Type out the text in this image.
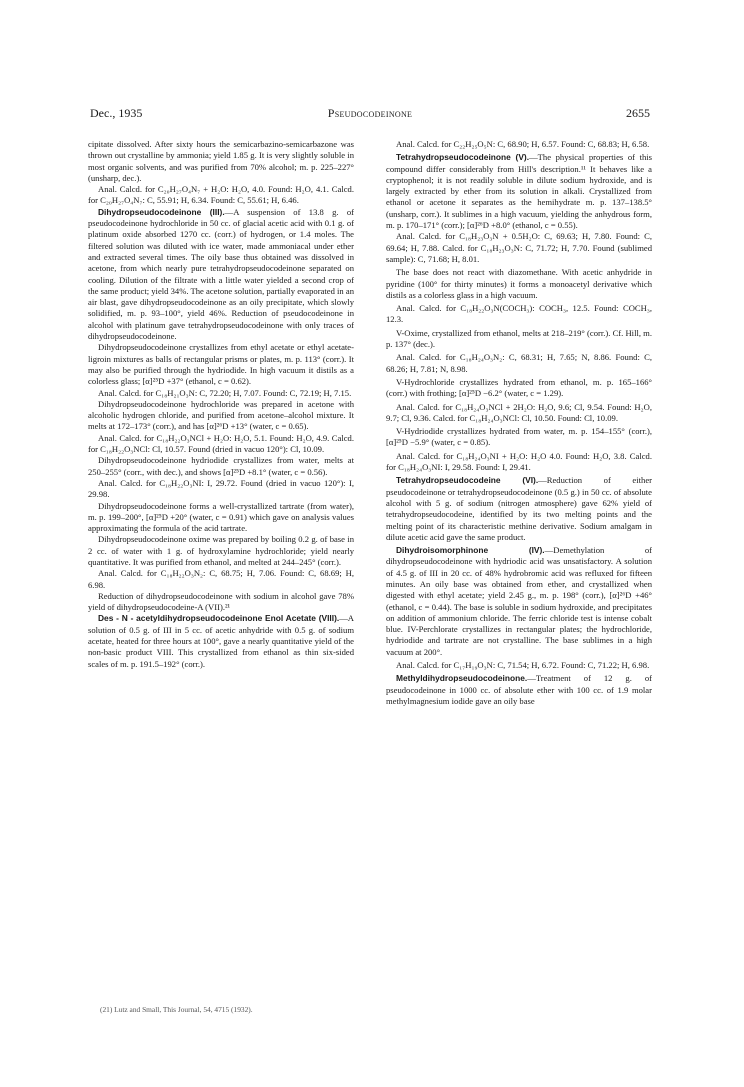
Dec., 1935	Pseudocodeinone	2655

cipitate dissolved. After sixty hours the semicarbazino-semicarbazone was thrown out crystalline by ammonia; yield 1.85 g. It is very slightly soluble in most organic solvents, and was purified from 70% alcohol; m. p. 225–227° (unsharp, dec.).

Anal. Calcd. for C₂₀H₂₇O₄N₇ + H₂O: H₂O, 4.0. Found: H₂O, 4.1. Calcd. for C₂₀H₂₇O₄N₇: C, 55.91; H, 6.34. Found: C, 55.61; H, 6.46.

Dihydropseudocodeinone (III).—A suspension of 13.8 g. of pseudocodeinone hydrochloride in 50 cc. of glacial acetic acid with 0.1 g. of platinum oxide absorbed 1270 cc. (corr.) of hydrogen, or 1.4 moles. The filtered solution was diluted with ice water, made ammoniacal under ether and extracted several times. The oily base thus obtained was dissolved in acetone, from which nearly pure tetrahydropseudocodeinone separated on cooling. Dilution of the filtrate with a little water yielded a second crop of the same product; yield 34%. The acetone solution, partially evaporated in an air blast, gave dihydropseudocodeinone as an oily precipitate, which slowly solidified, m. p. 93–100°, yield 46%. Reduction of pseudocodeinone in alcohol with platinum gave tetrahydropseudocodeinone with only traces of dihydropseudocodeinone.

Dihydropseudocodeinone crystallizes from ethyl acetate or ethyl acetate-ligroin mixtures as balls of rectangular prisms or plates, m. p. 113° (corr.). It may also be purified through the hydriodide. In high vacuum it distils as a colorless glass; [α]²⁵D +37° (ethanol, c = 0.62).

Anal. Calcd. for C₁₈H₂₁O₃N: C, 72.20; H, 7.07. Found: C, 72.19; H, 7.15.

Dihydropseudocodeinone hydrochloride was prepared in acetone with alcoholic hydrogen chloride, and purified from acetone–alcohol mixture. It melts at 172–173° (corr.), and has [α]²⁶D +13° (water, c = 0.65).

Anal. Calcd. for C₁₈H₂₂O₃NCl + H₂O: H₂O, 5.1. Found: H₂O, 4.9. Calcd. for C₁₈H₂₂O₃NCl: Cl, 10.57. Found (dried in vacuo 120°): Cl, 10.09.

Dihydropseudocodeinone hydriodide crystallizes from water, melts at 250–255° (corr., with dec.), and shows [α]²⁵D +8.1° (water, c = 0.56).

Anal. Calcd. for C₁₈H₂₂O₃NI: I, 29.72. Found (dried in vacuo 120°): I, 29.98.

Dihydropseudocodeinone forms a well-crystallized tartrate (from water), m. p. 199–200°, [α]²⁵D +20° (water, c = 0.91) which gave on analysis values approximating the formula of the acid tartrate.

Dihydropseudocodeinone oxime was prepared by boiling 0.2 g. of base in 2 cc. of water with 1 g. of hydroxylamine hydrochloride; yield nearly quantitative. It was purified from ethanol, and melted at 244–245° (corr.).

Anal. Calcd. for C₁₈H₂₂O₃N₂: C, 68.75; H, 7.06. Found: C, 68.69; H, 6.98.

Reduction of dihydropseudocodeinone with sodium in alcohol gave 78% yield of dihydropseudocodeine-A (VII).²¹

Des - N - acetyldihydropseudocodeinone Enol Acetate (VIII).—A solution of 0.5 g. of III in 5 cc. of acetic anhydride with 0.5 g. of sodium acetate, heated for three hours at 100°, gave a nearly quantitative yield of the non-basic product VIII. This crystallized from ethanol as thin six-sided scales of m. p. 191.5–192° (corr.).

Anal. Calcd. for C₂₂H₂₅O₅N: C, 68.90; H, 6.57. Found: C, 68.83; H, 6.58.

Tetrahydropseudocodeinone (V).—The physical properties of this compound differ considerably from Hill's description.¹¹ It behaves like a cryptophenol; it is not readily soluble in dilute sodium hydroxide, and is largely extracted by ether from its solution in alkali. Crystallized from ethanol or acetone it separates as the hemihydrate m. p. 137–138.5° (unsharp, corr.). It sublimes in a high vacuum, yielding the anhydrous form, m. p. 170–171° (corr.); [α]²⁶D +8.0° (ethanol, c = 0.55).

Anal. Calcd. for C₁₈H₂₃O₃N + 0.5H₂O: C, 69.63; H, 7.80. Found: C, 69.64; H, 7.88. Calcd. for C₁₈H₂₃O₃N: C, 71.72; H, 7.70. Found (sublimed sample): C, 71.68; H, 8.01.

The base does not react with diazomethane. With acetic anhydride in pyridine (100° for thirty minutes) it forms a monoacetyl derivative which distils as a colorless glass in a high vacuum.

Anal. Calcd. for C₁₈H₂₂O₃N(COCH₃): COCH₃, 12.5. Found: COCH₃, 12.3.

V-Oxime, crystallized from ethanol, melts at 218–219° (corr.). Cf. Hill, m. p. 137° (dec.).

Anal. Calcd. for C₁₈H₂₄O₃N₂: C, 68.31; H, 7.65; N, 8.86. Found: C, 68.26; H, 7.81; N, 8.98.

V-Hydrochloride crystallizes hydrated from ethanol, m. p. 165–166° (corr.) with frothing; [α]²⁵D −6.2° (water, c = 1.29).

Anal. Calcd. for C₁₈H₂₄O₃NCl + 2H₂O: H₂O, 9.6; Cl, 9.54. Found: H₂O, 9.7; Cl, 9.36. Calcd. for C₁₈H₂₄O₃NCl: Cl, 10.50. Found: Cl, 10.09.

V-Hydriodide crystallizes hydrated from water, m. p. 154–155° (corr.), [α]²⁵D −5.9° (water, c = 0.85).

Anal. Calcd. for C₁₈H₂₄O₃NI + H₂O: H₂O 4.0. Found: H₂O, 3.8. Calcd. for C₁₈H₂₄O₃NI: I, 29.58. Found: I, 29.41.

Tetrahydropseudocodeine (VI).—Reduction of either pseudocodeinone or tetrahydropseudocodeinone (0.5 g.) in 50 cc. of absolute alcohol with 5 g. of sodium (nitrogen atmosphere) gave 62% yield of tetrahydropseudocodeine, identified by its two melting points and the melting point of its characteristic methine derivative. Sodium amalgam in dilute acetic acid gave the same product.

Dihydroisomorphinone (IV).—Demethylation of dihydropseudocodeinone with hydriodic acid was unsatisfactory. A solution of 4.5 g. of III in 20 cc. of 48% hydrobromic acid was refluxed for fifteen minutes. An oily base was obtained from ether, and crystallized when digested with ethyl acetate; yield 2.45 g., m. p. 198° (corr.), [α]²⁶D +46° (ethanol, c = 0.44). The base is soluble in sodium hydroxide, and precipitates on addition of ammonium chloride. The ferric chloride test is intense cobalt blue. IV-Perchlorate crystallizes in rectangular plates; the hydrochloride, hydriodide and tartrate are not crystalline. The base sublimes in a high vacuum at 200°.

Anal. Calcd. for C₁₇H₁₉O₃N: C, 71.54; H, 6.72. Found: C, 71.22; H, 6.98.

Methyldihydropseudocodeinone.—Treatment of 12 g. of pseudocodeinone in 1000 cc. of absolute ether with 100 cc. of 1.9 molar methylmagnesium iodide gave an oily base

(21) Lutz and Small, This Journal, 54, 4715 (1932).
